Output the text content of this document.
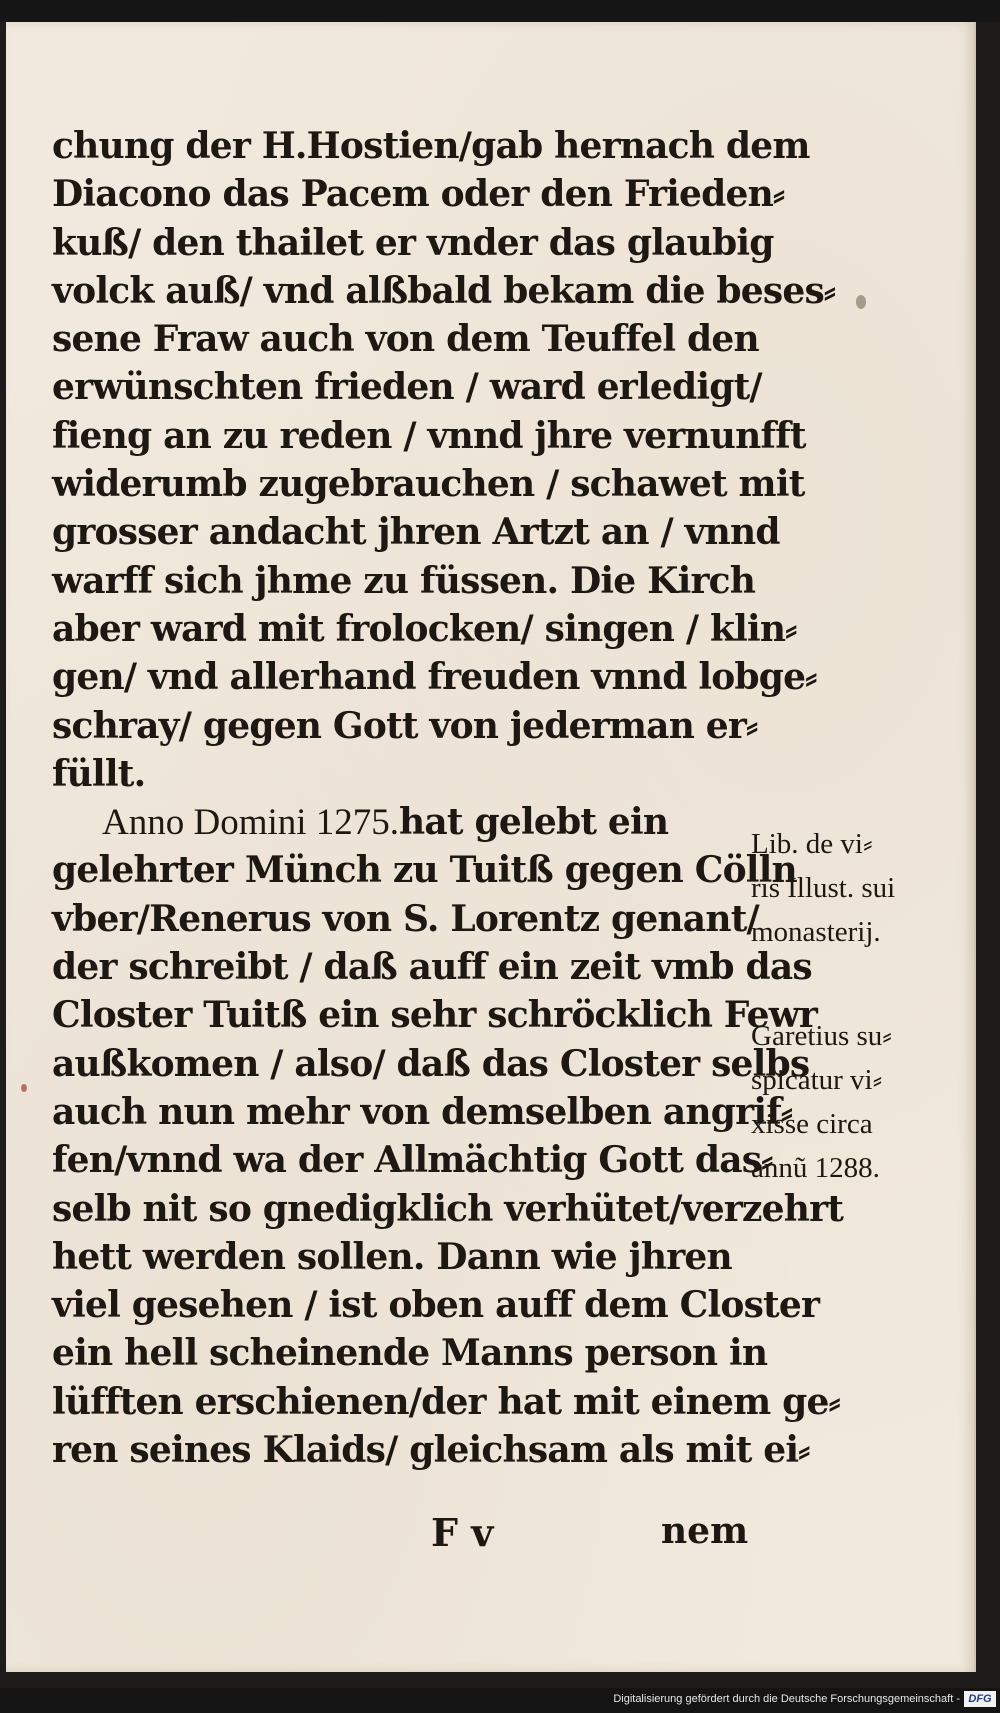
chung der H.Hostien/gab hernach dem
Diacono das Pacem oder den Frieden⸗
kuß/ den thailet er vnder das glaubig
volck auß/ vnd alßbald bekam die beses⸗
sene Fraw auch von dem Teuffel den
erwünschten frieden / ward erledigt/
fieng an zu reden / vnnd jhre vernunfft
widerumb zugebrauchen / schawet mit
grosser andacht jhren Artzt an / vnnd
warff sich jhme zu füssen. Die Kirch
aber ward mit frolocken/ singen / klin⸗
gen/ vnd allerhand freuden vnnd lobge⸗
schray/ gegen Gott von jederman er⸗
füllt.
Anno Domini 1275.hat gelebt ein
gelehrter Münch zu Tuitß gegen Cölln
vber/Renerus von S. Lorentz genant/
der schreibt / daß auff ein zeit vmb das
Closter Tuitß ein sehr schröcklich Fewr
außkomen / also/ daß das Closter selbs
auch nun mehr von demselben angrif⸗
fen/vnnd wa der Allmächtig Gott das⸗
selb nit so gnedigklich verhütet/verzehrt
hett werden sollen. Dann wie jhren
viel gesehen / ist oben auff dem Closter
ein hell scheinende Manns person in
lüfften erschienen/der hat mit einem ge⸗
ren seines Klaids/ gleichsam als mit ei⸗
Lib. de vi⸗
ris Illust. sui
monasterij.
Garetius su⸗
spicatur vi⸗
xisse circa
annũ 1288.
F v	nem
Digitalisierung gefördert durch die Deutsche Forschungsgemeinschaft - DFG
